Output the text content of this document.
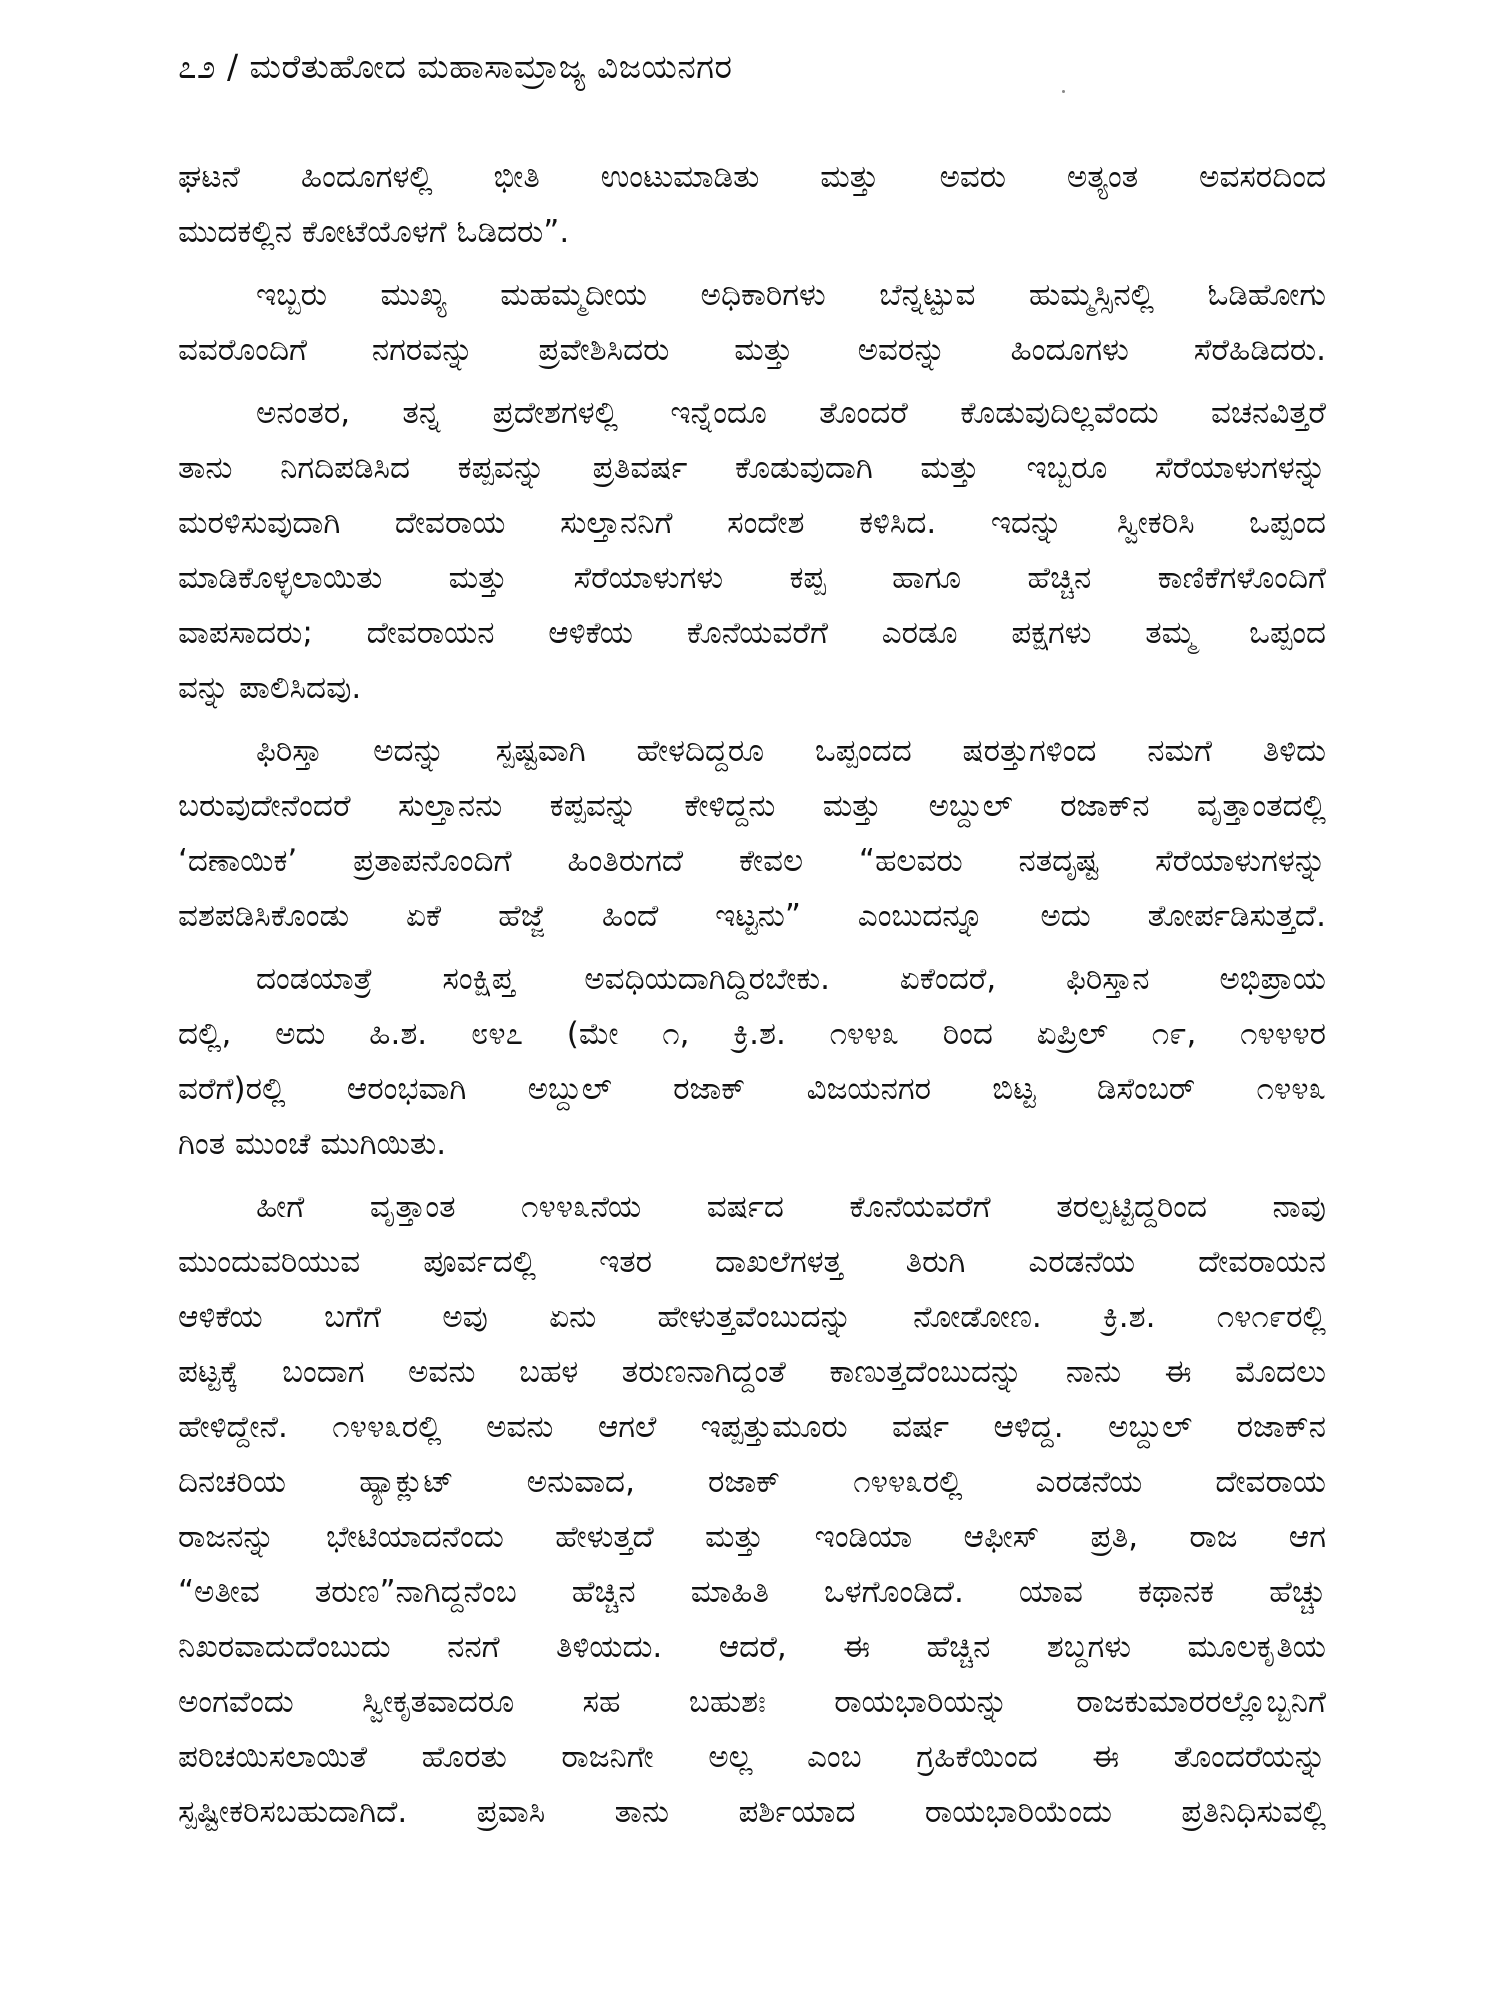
೭೨ / ಮರೆತುಹೋದ ಮಹಾಸಾಮ್ರಾಜ್ಯ ವಿಜಯನಗರ

ಘಟನೆ ಹಿಂದೂಗಳಲ್ಲಿ ಭೀತಿ ಉಂಟುಮಾಡಿತು ಮತ್ತು ಅವರು ಅತ್ಯಂತ ಅವಸರದಿಂದ
ಮುದಕಲ್ಲಿನ ಕೋಟೆಯೊಳಗೆ ಓಡಿದರು”.

ಇಬ್ಬರು ಮುಖ್ಯ ಮಹಮ್ಮದೀಯ ಅಧಿಕಾರಿಗಳು ಬೆನ್ನಟ್ಟುವ ಹುಮ್ಮಸ್ಸಿನಲ್ಲಿ ಓಡಿಹೋಗು
ವವರೊಂದಿಗೆ ನಗರವನ್ನು ಪ್ರವೇಶಿಸಿದರು ಮತ್ತು ಅವರನ್ನು ಹಿಂದೂಗಳು ಸೆರೆಹಿಡಿದರು.

ಅನಂತರ, ತನ್ನ ಪ್ರದೇಶಗಳಲ್ಲಿ ಇನ್ನೆಂದೂ ತೊಂದರೆ ಕೊಡುವುದಿಲ್ಲವೆಂದು ವಚನವಿತ್ತರೆ
ತಾನು ನಿಗದಿಪಡಿಸಿದ ಕಪ್ಪವನ್ನು ಪ್ರತಿವರ್ಷ ಕೊಡುವುದಾಗಿ ಮತ್ತು ಇಬ್ಬರೂ ಸೆರೆಯಾಳುಗಳನ್ನು
ಮರಳಿಸುವುದಾಗಿ ದೇವರಾಯ ಸುಲ್ತಾನನಿಗೆ ಸಂದೇಶ ಕಳಿಸಿದ. ಇದನ್ನು ಸ್ವೀಕರಿಸಿ ಒಪ್ಪಂದ
ಮಾಡಿಕೊಳ್ಳಲಾಯಿತು ಮತ್ತು ಸೆರೆಯಾಳುಗಳು ಕಪ್ಪ ಹಾಗೂ ಹೆಚ್ಚಿನ ಕಾಣಿಕೆಗಳೊಂದಿಗೆ
ವಾಪಸಾದರು; ದೇವರಾಯನ ಆಳಿಕೆಯ ಕೊನೆಯವರೆಗೆ ಎರಡೂ ಪಕ್ಷಗಳು ತಮ್ಮ ಒಪ್ಪಂದ
ವನ್ನು ಪಾಲಿಸಿದವು.

ಫಿರಿಸ್ತಾ ಅದನ್ನು ಸ್ಪಷ್ಟವಾಗಿ ಹೇಳದಿದ್ದರೂ ಒಪ್ಪಂದದ ಷರತ್ತುಗಳಿಂದ ನಮಗೆ ತಿಳಿದು
ಬರುವುದೇನೆಂದರೆ ಸುಲ್ತಾನನು ಕಪ್ಪವನ್ನು ಕೇಳಿದ್ದನು ಮತ್ತು ಅಬ್ದುಲ್ ರಜಾಕ್‌ನ ವೃತ್ತಾಂತದಲ್ಲಿ
‘ದಣಾಯಿಕ’ ಪ್ರತಾಪನೊಂದಿಗೆ ಹಿಂತಿರುಗದೆ ಕೇವಲ “ಹಲವರು ನತದೃಷ್ಟ ಸೆರೆಯಾಳುಗಳನ್ನು
ವಶಪಡಿಸಿಕೊಂಡು ಏಕೆ ಹೆಜ್ಜೆ ಹಿಂದೆ ಇಟ್ಟನು” ಎಂಬುದನ್ನೂ ಅದು ತೋರ್ಪಡಿಸುತ್ತದೆ.

ದಂಡಯಾತ್ರೆ ಸಂಕ್ಷಿಪ್ತ ಅವಧಿಯದಾಗಿದ್ದಿರಬೇಕು. ಏಕೆಂದರೆ, ಫಿರಿಸ್ತಾನ ಅಭಿಪ್ರಾಯ
ದಲ್ಲಿ, ಅದು ಹಿ.ಶ. ೮೪೭ (ಮೇ ೧, ಕ್ರಿ.ಶ. ೧೪೪೩ ರಿಂದ ಏಪ್ರಿಲ್ ೧೯, ೧೪೪೪ರ
ವರೆಗೆ)ರಲ್ಲಿ ಆರಂಭವಾಗಿ ಅಬ್ದುಲ್ ರಜಾಕ್ ವಿಜಯನಗರ ಬಿಟ್ಟ ಡಿಸೆಂಬರ್ ೧೪೪೩
ಗಿಂತ ಮುಂಚೆ ಮುಗಿಯಿತು.

ಹೀಗೆ ವೃತ್ತಾಂತ ೧೪೪೩ನೆಯ ವರ್ಷದ ಕೊನೆಯವರೆಗೆ ತರಲ್ಪಟ್ಟಿದ್ದರಿಂದ ನಾವು
ಮುಂದುವರಿಯುವ ಪೂರ್ವದಲ್ಲಿ ಇತರ ದಾಖಲೆಗಳತ್ತ ತಿರುಗಿ ಎರಡನೆಯ ದೇವರಾಯನ
ಆಳಿಕೆಯ ಬಗೆಗೆ ಅವು ಏನು ಹೇಳುತ್ತವೆಂಬುದನ್ನು ನೋಡೋಣ. ಕ್ರಿ.ಶ. ೧೪೧೯ರಲ್ಲಿ
ಪಟ್ಟಕ್ಕೆ ಬಂದಾಗ ಅವನು ಬಹಳ ತರುಣನಾಗಿದ್ದಂತೆ ಕಾಣುತ್ತದೆಂಬುದನ್ನು ನಾನು ಈ ಮೊದಲು
ಹೇಳಿದ್ದೇನೆ. ೧೪೪೩ರಲ್ಲಿ ಅವನು ಆಗಲೆ ಇಪ್ಪತ್ತುಮೂರು ವರ್ಷ ಆಳಿದ್ದ. ಅಬ್ದುಲ್ ರಜಾಕ್‌ನ
ದಿನಚರಿಯ ಹ್ಯಾಕ್ಲುಟ್ ಅನುವಾದ, ರಜಾಕ್ ೧೪೪೩ರಲ್ಲಿ ಎರಡನೆಯ ದೇವರಾಯ
ರಾಜನನ್ನು ಭೇಟಿಯಾದನೆಂದು ಹೇಳುತ್ತದೆ ಮತ್ತು ಇಂಡಿಯಾ ಆಫೀಸ್ ಪ್ರತಿ, ರಾಜ ಆಗ
“ಅತೀವ ತರುಣ”ನಾಗಿದ್ದನೆಂಬ ಹೆಚ್ಚಿನ ಮಾಹಿತಿ ಒಳಗೊಂಡಿದೆ. ಯಾವ ಕಥಾನಕ ಹೆಚ್ಚು
ನಿಖರವಾದುದೆಂಬುದು ನನಗೆ ತಿಳಿಯದು. ಆದರೆ, ಈ ಹೆಚ್ಚಿನ ಶಬ್ದಗಳು ಮೂಲಕೃತಿಯ
ಅಂಗವೆಂದು ಸ್ವೀಕೃತವಾದರೂ ಸಹ ಬಹುಶಃ ರಾಯಭಾರಿಯನ್ನು ರಾಜಕುಮಾರರಲ್ಲೊಬ್ಬನಿಗೆ
ಪರಿಚಯಿಸಲಾಯಿತೆ ಹೊರತು ರಾಜನಿಗೇ ಅಲ್ಲ ಎಂಬ ಗ್ರಹಿಕೆಯಿಂದ ಈ ತೊಂದರೆಯನ್ನು
ಸ್ಪಷ್ಟೀಕರಿಸಬಹುದಾಗಿದೆ. ಪ್ರವಾಸಿ ತಾನು ಪರ್ಶಿಯಾದ ರಾಯಭಾರಿಯೆಂದು ಪ್ರತಿನಿಧಿಸುವಲ್ಲಿ
